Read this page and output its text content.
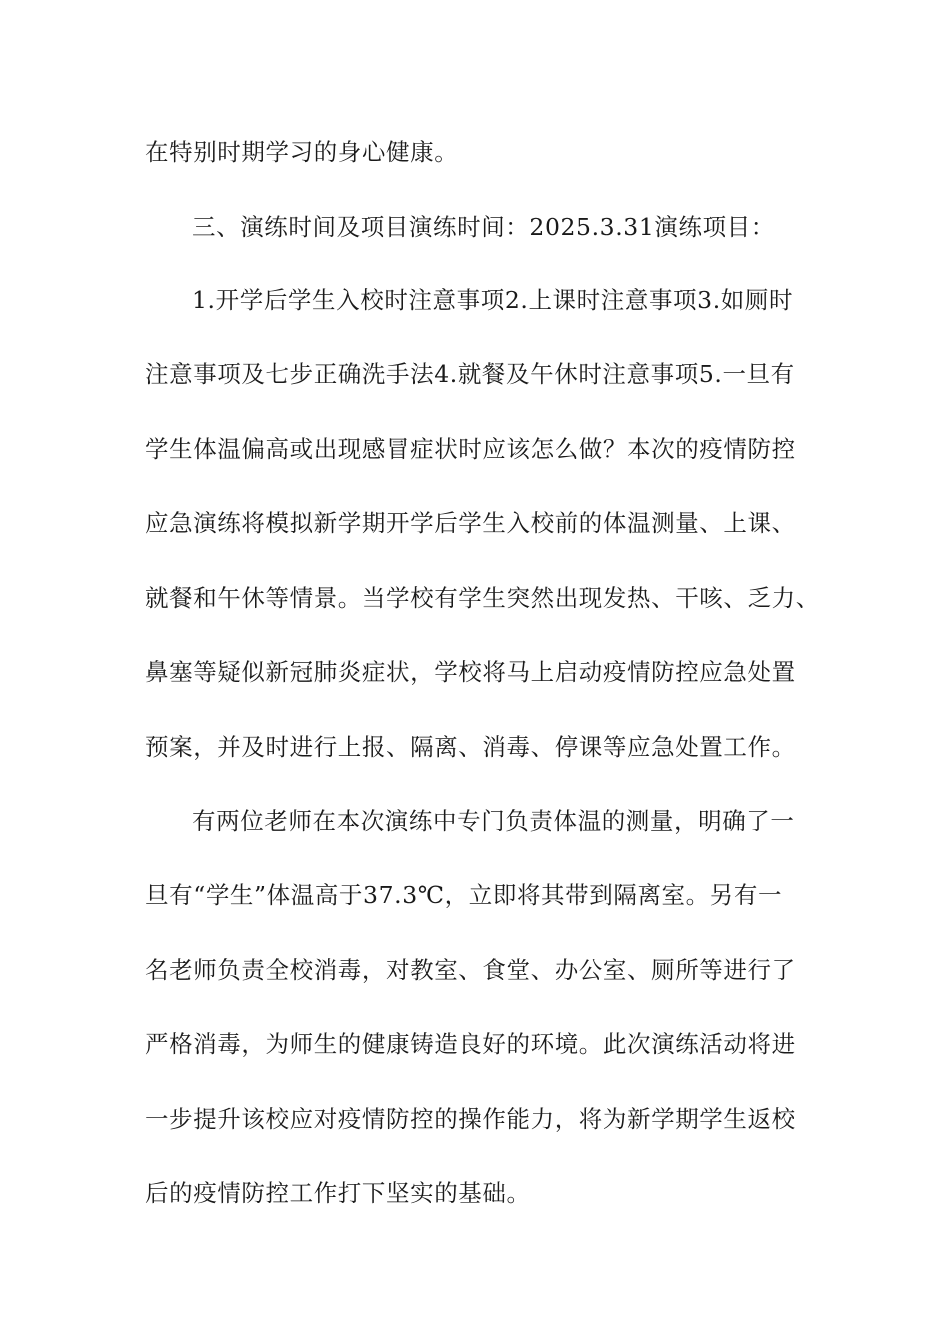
在特别时期学习的身心健康。
三、演练时间及项目演练时间：2025.3.31演练项目：
1.开学后学生入校时注意事项2.上课时注意事项3.如厕时
注意事项及七步正确洗手法4.就餐及午休时注意事项5.一旦有
学生体温偏高或出现感冒症状时应该怎么做？本次的疫情防控
应急演练将模拟新学期开学后学生入校前的体温测量、上课、
就餐和午休等情景。当学校有学生突然出现发热、干咳、乏力、
鼻塞等疑似新冠肺炎症状，学校将马上启动疫情防控应急处置
预案，并及时进行上报、隔离、消毒、停课等应急处置工作。
有两位老师在本次演练中专门负责体温的测量，明确了一
旦有“学生”体温高于37.3℃，立即将其带到隔离室。另有一
名老师负责全校消毒，对教室、食堂、办公室、厕所等进行了
严格消毒，为师生的健康铸造良好的环境。此次演练活动将进
一步提升该校应对疫情防控的操作能力，将为新学期学生返校
后的疫情防控工作打下坚实的基础。
